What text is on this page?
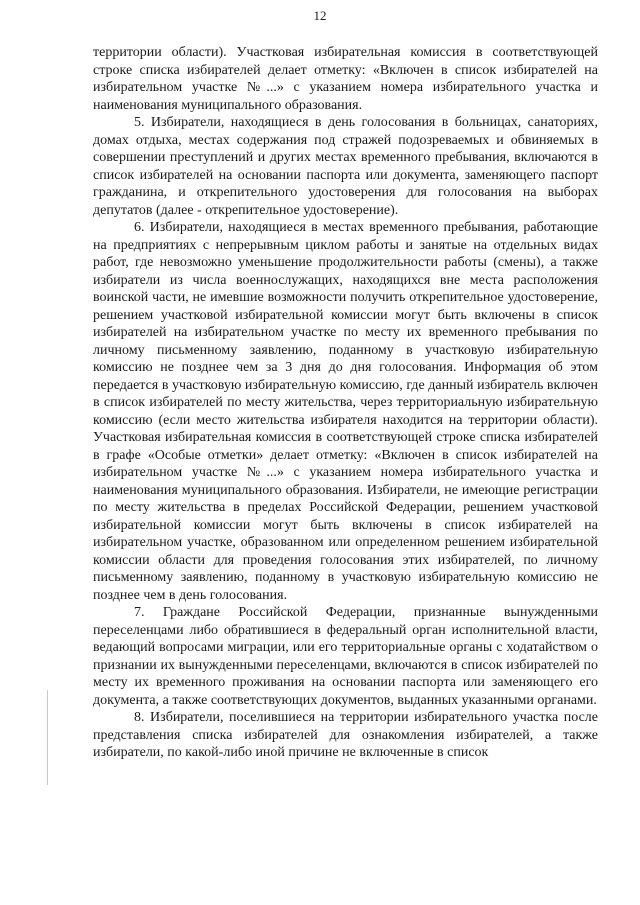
12

территории области). Участковая избирательная комиссия в соответствующей строке списка избирателей делает отметку: «Включен в список избирателей на избирательном участке №...» с указанием номера избирательного участка и наименования муниципального образования.

5. Избиратели, находящиеся в день голосования в больницах, санаториях, домах отдыха, местах содержания под стражей подозреваемых и обвиняемых в совершении преступлений и других местах временного пребывания, включаются в список избирателей на основании паспорта или документа, заменяющего паспорт гражданина, и открепительного удостоверения для голосования на выборах депутатов (далее - открепительное удостоверение).

6. Избиратели, находящиеся в местах временного пребывания, работающие на предприятиях с непрерывным циклом работы и занятые на отдельных видах работ, где невозможно уменьшение продолжительности работы (смены), а также избиратели из числа военнослужащих, находящихся вне места расположения воинской части, не имевшие возможности получить открепительное удостоверение, решением участковой избирательной комиссии могут быть включены в список избирателей на избирательном участке по месту их временного пребывания по личному письменному заявлению, поданному в участковую избирательную комиссию не позднее чем за 3 дня до дня голосования. Информация об этом передается в участковую избирательную комиссию, где данный избиратель включен в список избирателей по месту жительства, через территориальную избирательную комиссию (если место жительства избирателя находится на территории области). Участковая избирательная комиссия в соответствующей строке списка избирателей в графе «Особые отметки» делает отметку: «Включен в список избирателей на избирательном участке №...» с указанием номера избирательного участка и наименования муниципального образования. Избиратели, не имеющие регистрации по месту жительства в пределах Российской Федерации, решением участковой избирательной комиссии могут быть включены в список избирателей на избирательном участке, образованном или определенном решением избирательной комиссии области для проведения голосования этих избирателей, по личному письменному заявлению, поданному в участковую избирательную комиссию не позднее чем в день голосования.

7. Граждане Российской Федерации, признанные вынужденными переселенцами либо обратившиеся в федеральный орган исполнительной власти, ведающий вопросами миграции, или его территориальные органы с ходатайством о признании их вынужденными переселенцами, включаются в список избирателей по месту их временного проживания на основании паспорта или заменяющего его документа, а также соответствующих документов, выданных указанными органами.

8. Избиратели, поселившиеся на территории избирательного участка после представления списка избирателей для ознакомления избирателей, а также избиратели, по какой-либо иной причине не включенные в список
